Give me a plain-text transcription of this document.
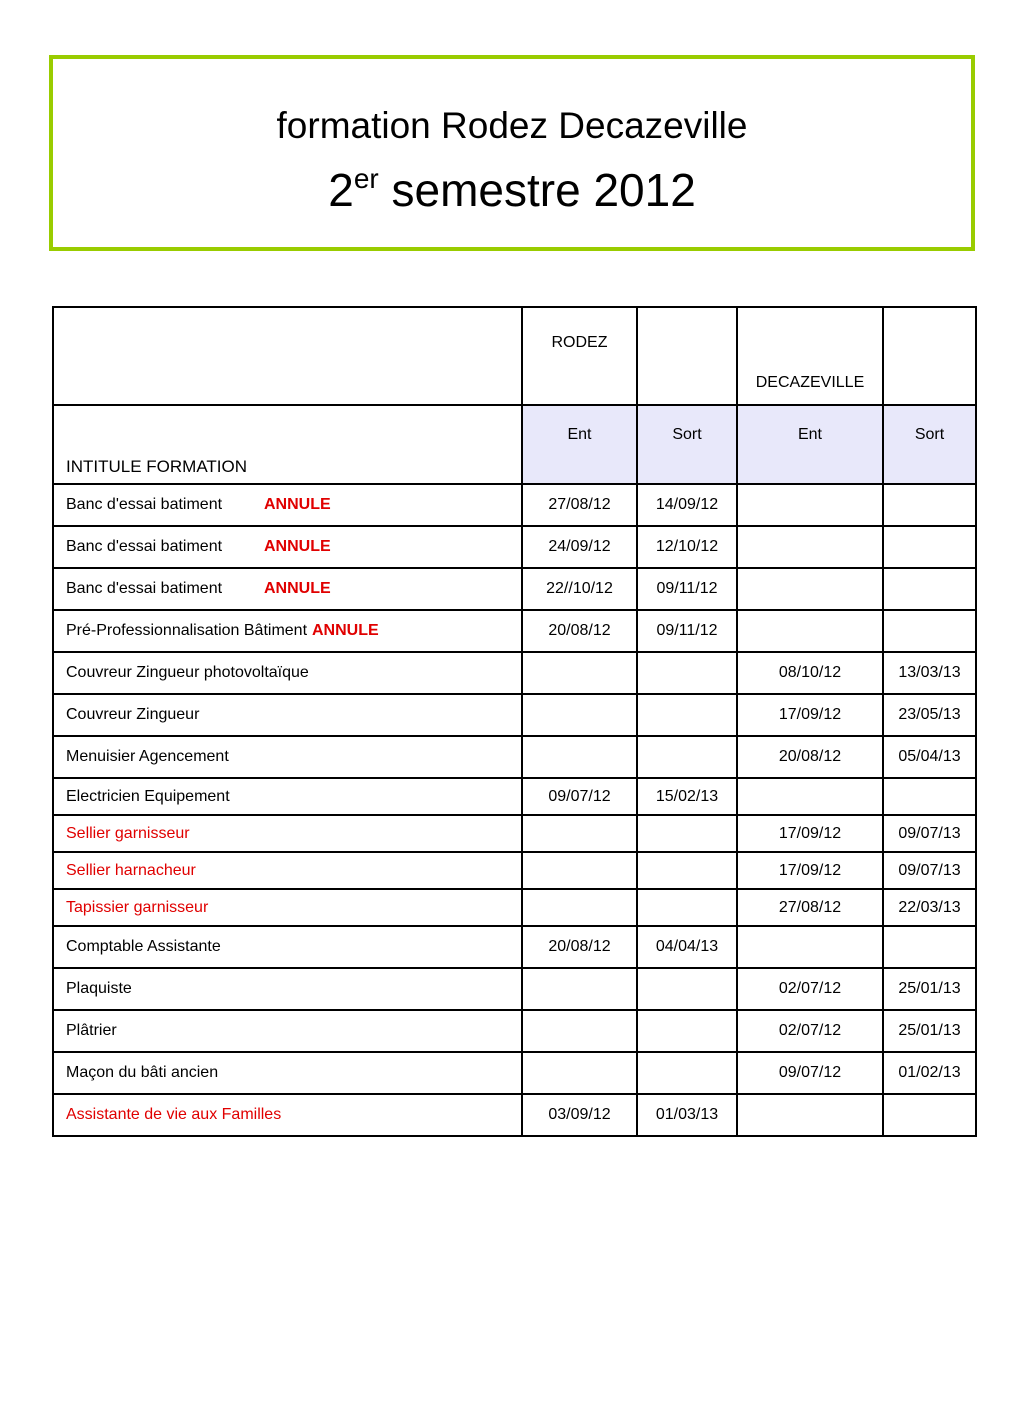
formation Rodez Decazeville
2er semestre 2012
	RODEZ		DECAZEVILLE	
INTITULE FORMATION	Ent	Sort	Ent	Sort
Banc d'essai batiment ANNULE	27/08/12	14/09/12		
Banc d'essai batiment ANNULE	24/09/12	12/10/12		
Banc d'essai batiment ANNULE	22//10/12	09/11/12		
Pré-Professionnalisation Bâtiment ANNULE	20/08/12	09/11/12		
Couvreur Zingueur photovoltaïque			08/10/12	13/03/13
Couvreur Zingueur			17/09/12	23/05/13
Menuisier Agencement			20/08/12	05/04/13
Electricien Equipement	09/07/12	15/02/13		
Sellier garnisseur			17/09/12	09/07/13
Sellier harnacheur			17/09/12	09/07/13
Tapissier garnisseur			27/08/12	22/03/13
Comptable Assistante	20/08/12	04/04/13		
Plaquiste			02/07/12	25/01/13
Plâtrier			02/07/12	25/01/13
Maçon du bâti ancien			09/07/12	01/02/13
Assistante de vie aux Familles	03/09/12	01/03/13		
